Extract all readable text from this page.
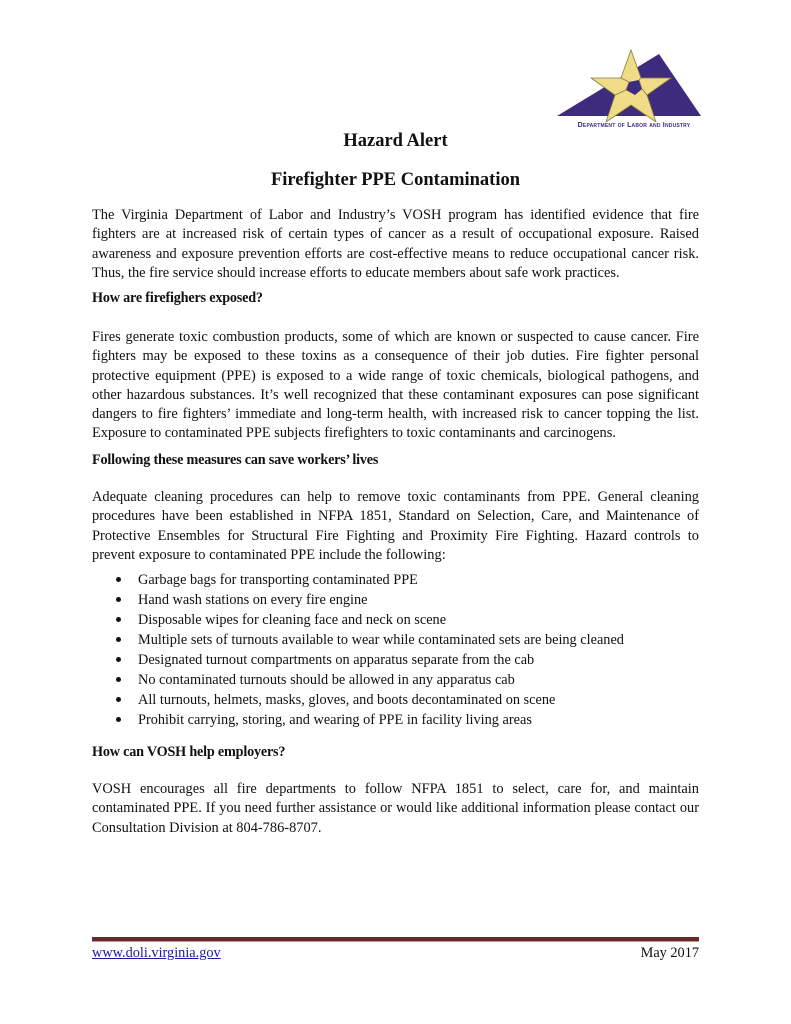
Department of Labor and Industry
Hazard Alert
Firefighter PPE Contamination

The Virginia Department of Labor and Industry’s VOSH program has identified evidence that fire fighters are at increased risk of certain types of cancer as a result of occupational exposure. Raised awareness and exposure prevention efforts are cost-effective means to reduce occupational cancer risk. Thus, the fire service should increase efforts to educate members about safe work practices.

How are firefighers exposed?

Fires generate toxic combustion products, some of which are known or suspected to cause cancer. Fire fighters may be exposed to these toxins as a consequence of their job duties. Fire fighter personal protective equipment (PPE) is exposed to a wide range of toxic chemicals, biological pathogens, and other hazardous substances. It’s well recognized that these contaminant exposures can pose significant dangers to fire fighters’ immediate and long-term health, with increased risk to cancer topping the list. Exposure to contaminated PPE subjects firefighters to toxic contaminants and carcinogens.

Following these measures can save workers’ lives

Adequate cleaning procedures can help to remove toxic contaminants from PPE. General cleaning procedures have been established in NFPA 1851, Standard on Selection, Care, and Maintenance of Protective Ensembles for Structural Fire Fighting and Proximity Fire Fighting. Hazard controls to prevent exposure to contaminated PPE include the following:

Garbage bags for transporting contaminated PPE
Hand wash stations on every fire engine
Disposable wipes for cleaning face and neck on scene
Multiple sets of turnouts available to wear while contaminated sets are being cleaned
Designated turnout compartments on apparatus separate from the cab
No contaminated turnouts should be allowed in any apparatus cab
All turnouts, helmets, masks, gloves, and boots decontaminated on scene
Prohibit carrying, storing, and wearing of PPE in facility living areas
How can VOSH help employers?

VOSH encourages all fire departments to follow NFPA 1851 to select, care for, and maintain contaminated PPE. If you need further assistance or would like additional information please contact our Consultation Division at 804-786-8707.

www.doli.virginia.gov	May 2017
